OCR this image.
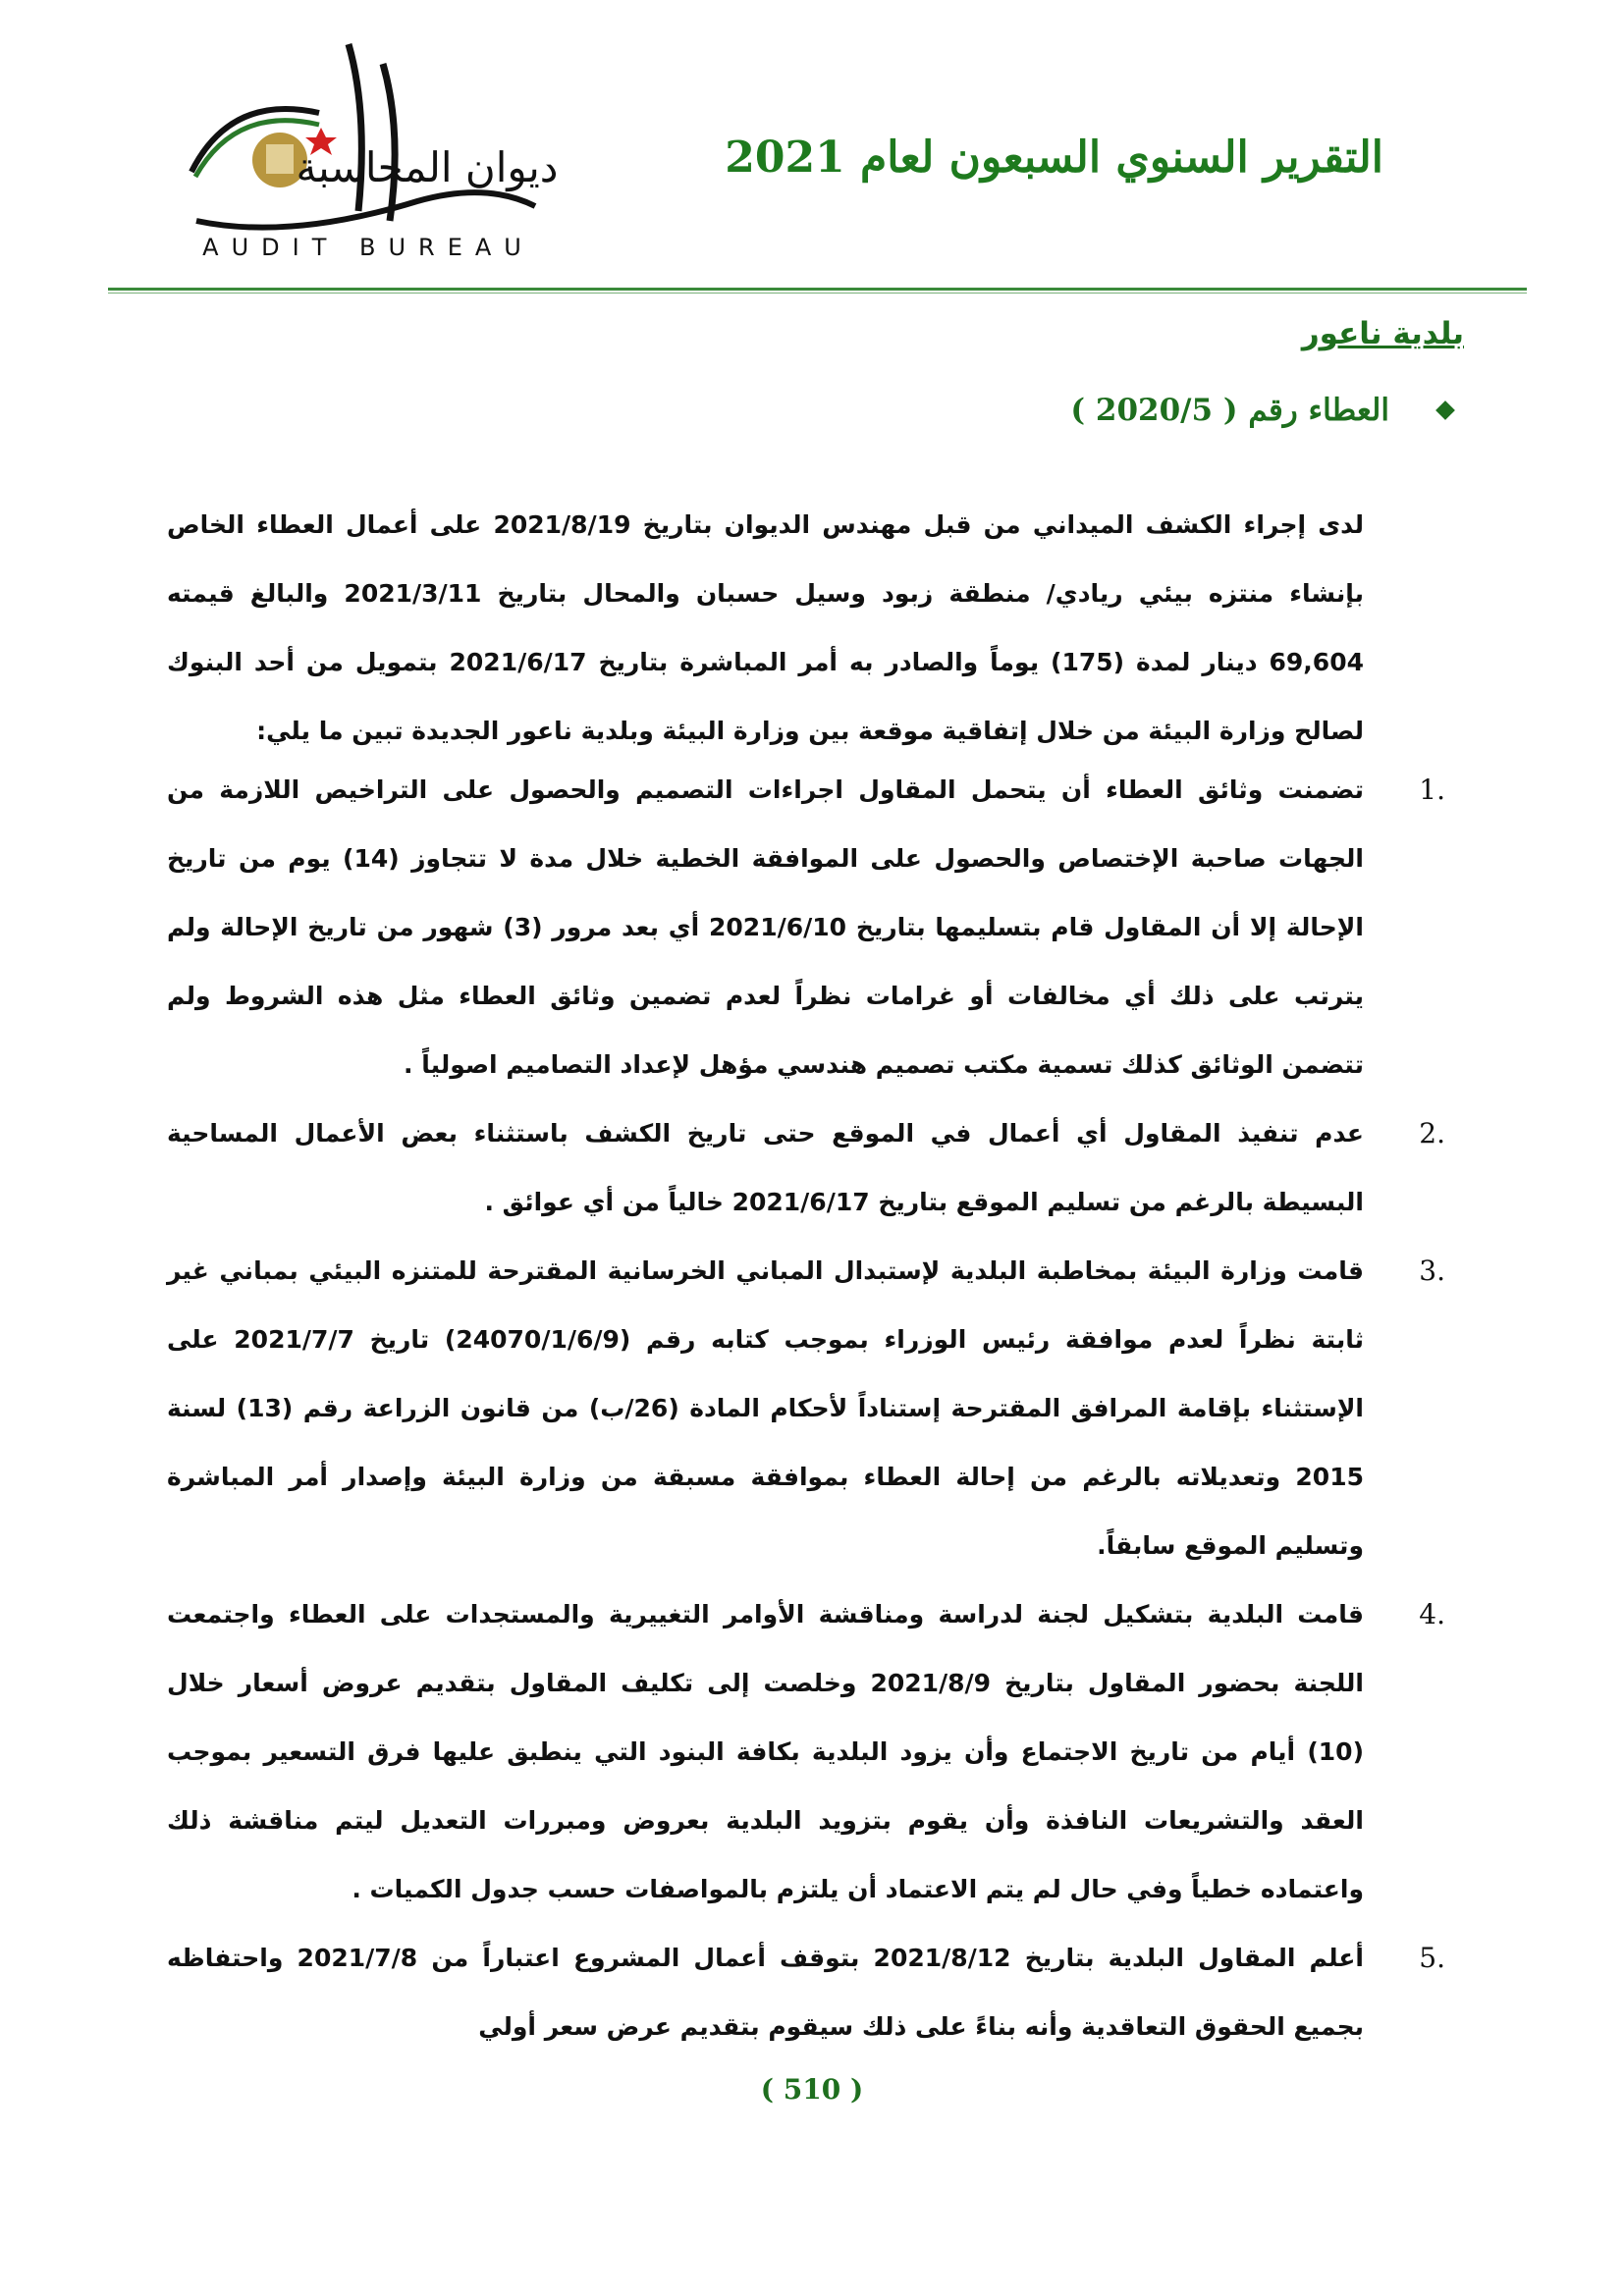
ديوان المحاسبة
AUDIT BUREAU
التقرير السنوي السبعون لعام 2021
بلدية ناعور
العطاء رقم ( 2020/5 )

لدى إجراء الكشف الميداني من قبل مهندس الديوان بتاريخ 2021/8/19 على أعمال العطاء الخاص بإنشاء منتزه بيئي ريادي/ منطقة زبود وسيل حسبان والمحال بتاريخ 2021/3/11 والبالغ قيمته 69,604 دينار لمدة (175) يوماً والصادر به أمر المباشرة بتاريخ 2021/6/17 بتمويل من أحد البنوك لصالح وزارة البيئة من خلال إتفاقية موقعة بين وزارة البيئة وبلدية ناعور الجديدة تبين ما يلي:

.1

تضمنت وثائق العطاء أن يتحمل المقاول اجراءات التصميم والحصول على التراخيص اللازمة من الجهات صاحبة الإختصاص والحصول على الموافقة الخطية خلال مدة لا تتجاوز (14) يوم من تاريخ الإحالة إلا أن المقاول قام بتسليمها بتاريخ 2021/6/10 أي بعد مرور (3) شهور من تاريخ الإحالة ولم يترتب على ذلك أي مخالفات أو غرامات نظراً لعدم تضمين وثائق العطاء مثل هذه الشروط ولم تتضمن الوثائق كذلك تسمية مكتب تصميم هندسي مؤهل لإعداد التصاميم اصولياً .

.2

عدم تنفيذ المقاول أي أعمال في الموقع حتى تاريخ الكشف باستثناء بعض الأعمال المساحية البسيطة بالرغم من تسليم الموقع بتاريخ 2021/6/17 خالياً من أي عوائق .

.3

قامت وزارة البيئة بمخاطبة البلدية لإستبدال المباني الخرسانية المقترحة للمتنزه البيئي بمباني غير ثابتة نظراً لعدم موافقة رئيس الوزراء بموجب كتابه رقم (24070/1/6/9) تاريخ 2021/7/7 على الإستثناء بإقامة المرافق المقترحة إستناداً لأحكام المادة (26/ب) من قانون الزراعة رقم (13) لسنة 2015 وتعديلاته بالرغم من إحالة العطاء بموافقة مسبقة من وزارة البيئة وإصدار أمر المباشرة وتسليم الموقع سابقاً.

.4

قامت البلدية بتشكيل لجنة لدراسة ومناقشة الأوامر التغييرية والمستجدات على العطاء واجتمعت اللجنة بحضور المقاول بتاريخ 2021/8/9 وخلصت إلى تكليف المقاول بتقديم عروض أسعار خلال (10) أيام من تاريخ الاجتماع وأن يزود البلدية بكافة البنود التي ينطبق عليها فرق التسعير بموجب العقد والتشريعات النافذة وأن يقوم بتزويد البلدية بعروض ومبررات التعديل ليتم مناقشة ذلك واعتماده خطياً وفي حال لم يتم الاعتماد أن يلتزم بالمواصفات حسب جدول الكميات .

.5

أعلم المقاول البلدية بتاريخ 2021/8/12 بتوقف أعمال المشروع اعتباراً من 2021/7/8 واحتفاظه بجميع الحقوق التعاقدية وأنه بناءً على ذلك سيقوم بتقديم عرض سعر أولي

( 510 )
